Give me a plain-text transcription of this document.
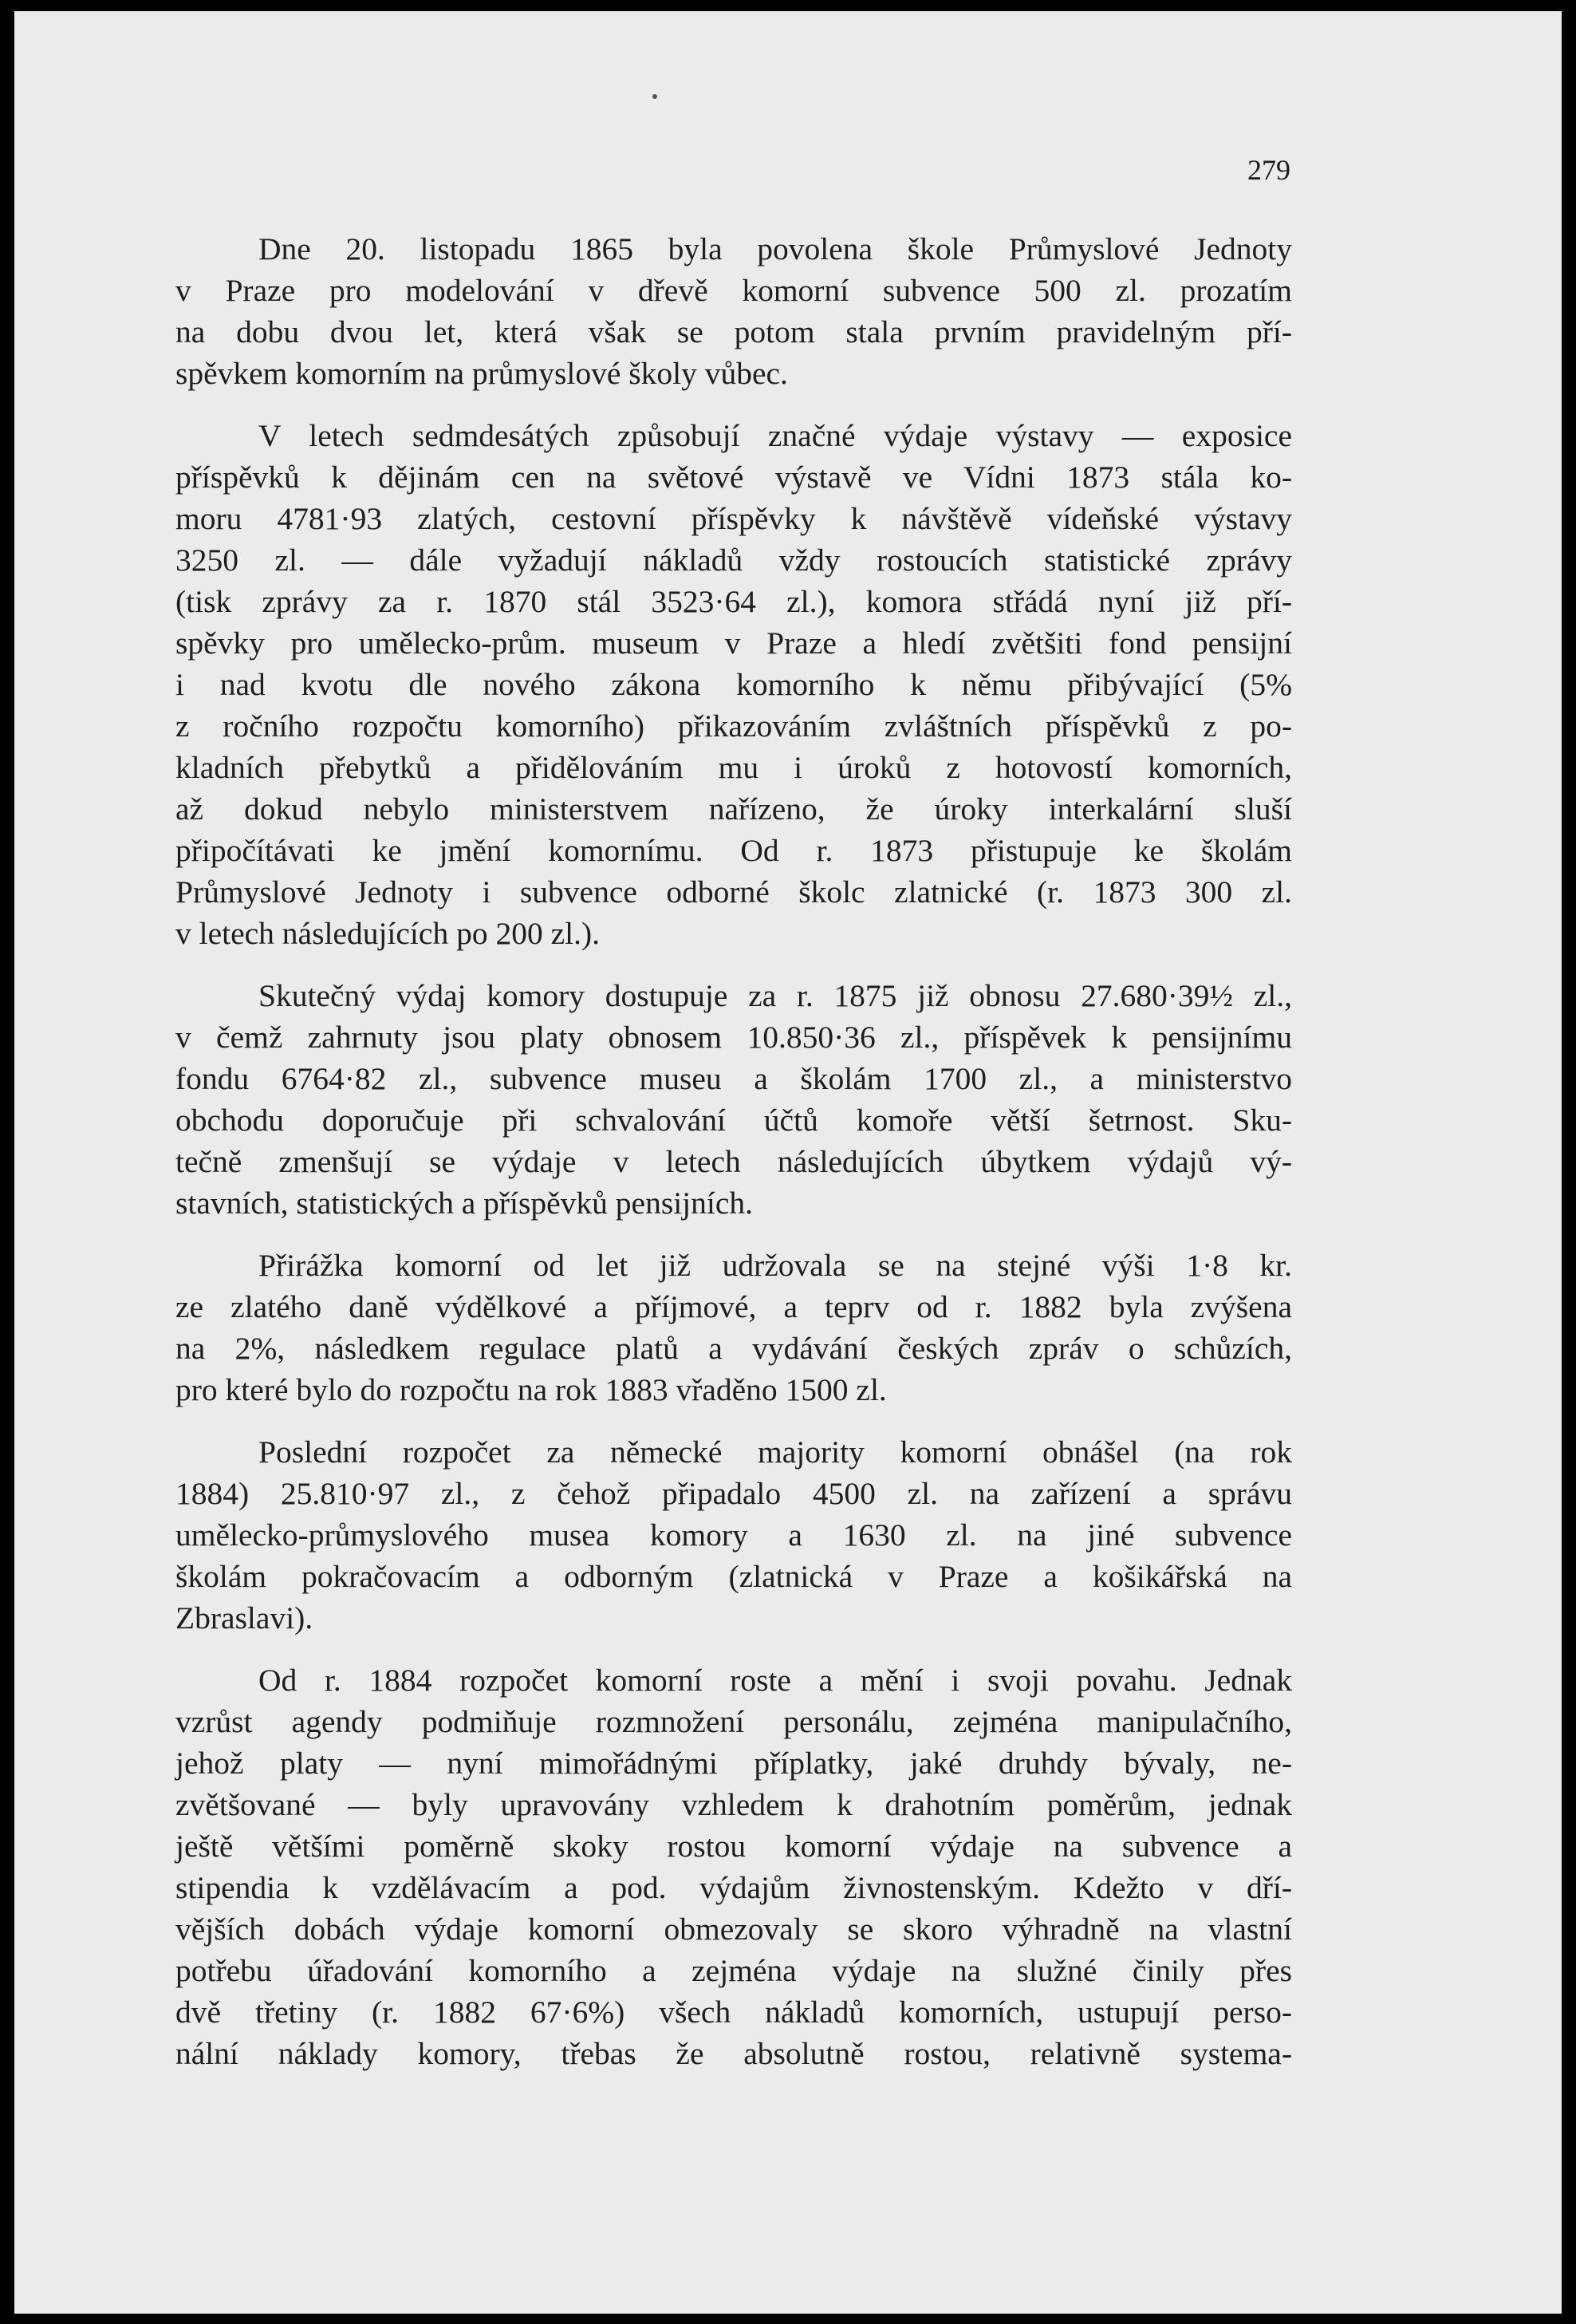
279
Dne 20. listopadu 1865 byla povolena škole Průmyslové Jednoty
v Praze pro modelování v dřevě komorní subvence 500 zl. prozatím
na dobu dvou let, která však se potom stala prvním pravidelným pří-
spěvkem komorním na průmyslové školy vůbec.
V letech sedmdesátých způsobují značné výdaje výstavy — exposice
příspěvků k dějinám cen na světové výstavě ve Vídni 1873 stála ko-
moru 4781·93 zlatých, cestovní příspěvky k návštěvě vídeňské výstavy
3250 zl. — dále vyžadují nákladů vždy rostoucích statistické zprávy
(tisk zprávy za r. 1870 stál 3523·64 zl.), komora střádá nyní již pří-
spěvky pro umělecko-prům. museum v Praze a hledí zvětšiti fond pensijní
i nad kvotu dle nového zákona komorního k němu přibývající (5%
z ročního rozpočtu komorního) přikazováním zvláštních příspěvků z po-
kladních přebytků a přidělováním mu i úroků z hotovostí komorních,
až dokud nebylo ministerstvem nařízeno, že úroky interkalární sluší
připočítávati ke jmění komornímu. Od r. 1873 přistupuje ke školám
Průmyslové Jednoty i subvence odborné školc zlatnické (r. 1873 300 zl.
v letech následujících po 200 zl.).
Skutečný výdaj komory dostupuje za r. 1875 již obnosu 27.680·39½ zl.,
v čemž zahrnuty jsou platy obnosem 10.850·36 zl., příspěvek k pensijnímu
fondu 6764·82 zl., subvence museu a školám 1700 zl., a ministerstvo
obchodu doporučuje při schvalování účtů komoře větší šetrnost. Sku-
tečně zmenšují se výdaje v letech následujících úbytkem výdajů vý-
stavních, statistických a příspěvků pensijních.
Přirážka komorní od let již udržovala se na stejné výši 1·8 kr.
ze zlatého daně výdělkové a příjmové, a teprv od r. 1882 byla zvýšena
na 2%, následkem regulace platů a vydávání českých zpráv o schůzích,
pro které bylo do rozpočtu na rok 1883 vřaděno 1500 zl.
Poslední rozpočet za německé majority komorní obnášel (na rok
1884) 25.810·97 zl., z čehož připadalo 4500 zl. na zařízení a správu
umělecko-průmyslového musea komory a 1630 zl. na jiné subvence
školám pokračovacím a odborným (zlatnická v Praze a košikářská na
Zbraslavi).
Od r. 1884 rozpočet komorní roste a mění i svoji povahu. Jednak
vzrůst agendy podmiňuje rozmnožení personálu, zejména manipulačního,
jehož platy — nyní mimořádnými příplatky, jaké druhdy bývaly, ne-
zvětšované — byly upravovány vzhledem k drahotním poměrům, jednak
ještě většími poměrně skoky rostou komorní výdaje na subvence a
stipendia k vzdělávacím a pod. výdajům živnostenským. Kdežto v dří-
vějších dobách výdaje komorní obmezovaly se skoro výhradně na vlastní
potřebu úřadování komorního a zejména výdaje na služné činily přes
dvě třetiny (r. 1882 67·6%) všech nákladů komorních, ustupují perso-
nální náklady komory, třebas že absolutně rostou, relativně systema-
